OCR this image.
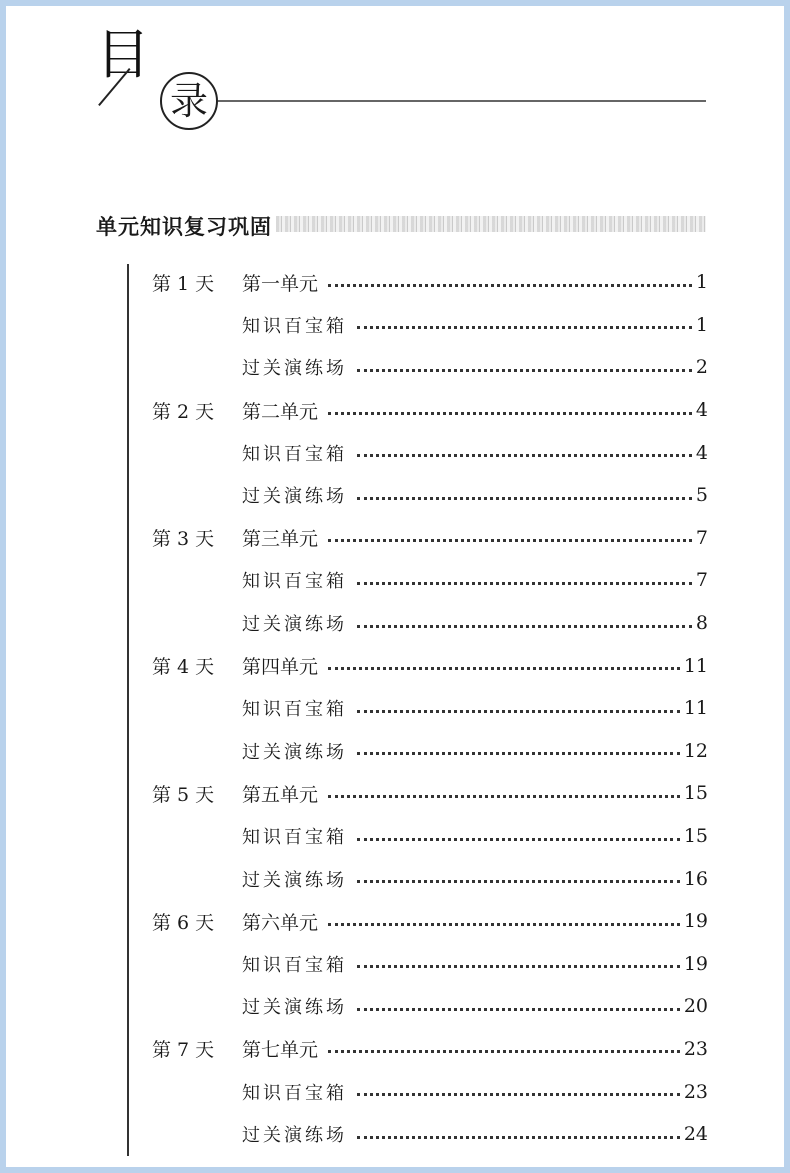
目
录
单元知识复习巩固
第 1 天	第一单元	1
知识百宝箱	1
过关演练场	2
第 2 天	第二单元	4
知识百宝箱	4
过关演练场	5
第 3 天	第三单元	7
知识百宝箱	7
过关演练场	8
第 4 天	第四单元	11
知识百宝箱	11
过关演练场	12
第 5 天	第五单元	15
知识百宝箱	15
过关演练场	16
第 6 天	第六单元	19
知识百宝箱	19
过关演练场	20
第 7 天	第七单元	23
知识百宝箱	23
过关演练场	24
